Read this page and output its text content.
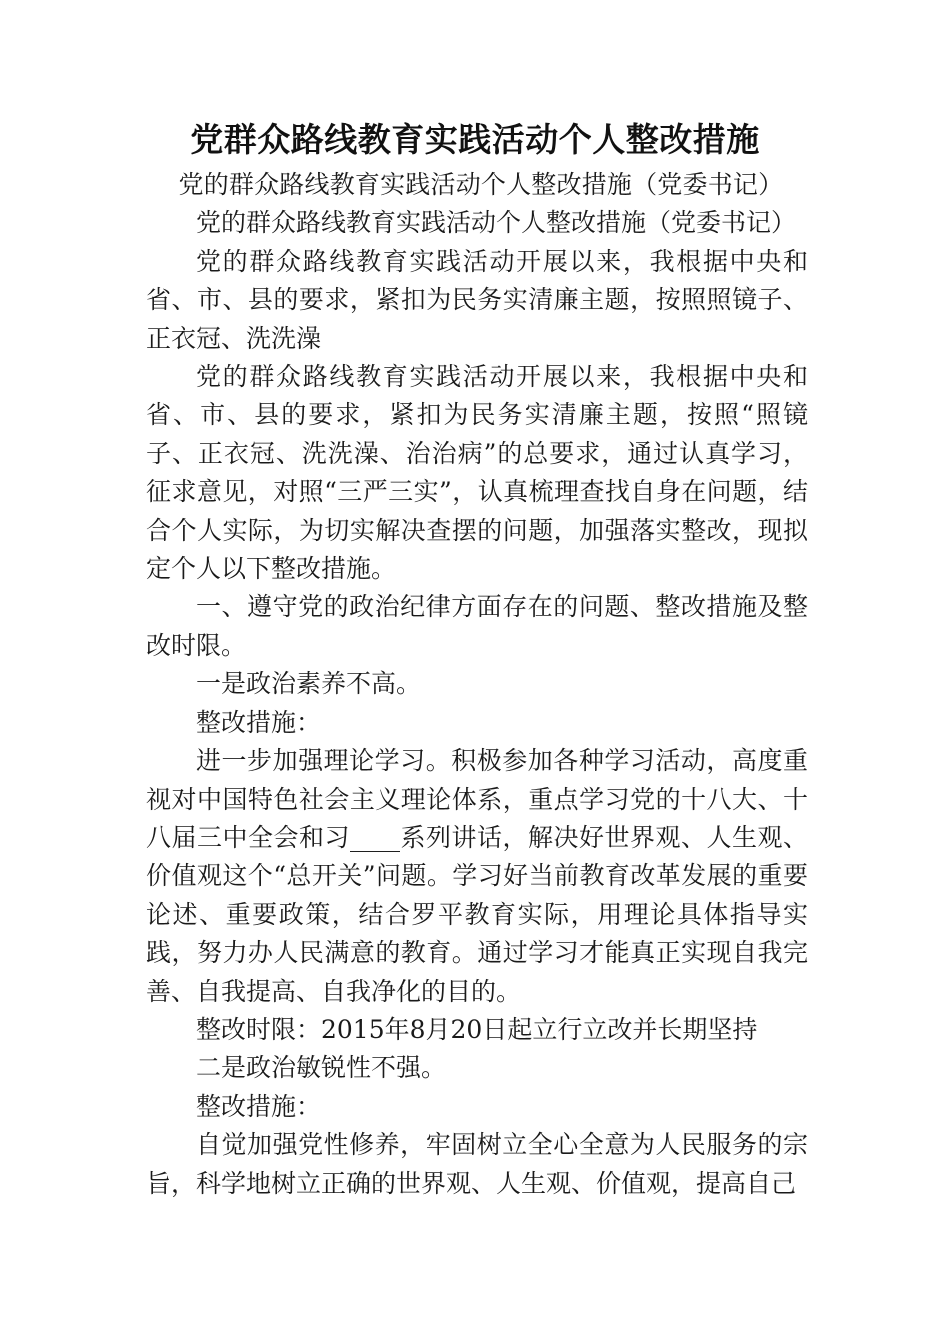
党群众路线教育实践活动个人整改措施

党的群众路线教育实践活动个人整改措施（党委书记）

党的群众路线教育实践活动个人整改措施（党委书记）

党的群众路线教育实践活动开展以来，我根据中央和省、市、县的要求，紧扣为民务实清廉主题，按照照镜子、正衣冠、洗洗澡

党的群众路线教育实践活动开展以来，我根据中央和省、市、县的要求，紧扣为民务实清廉主题，按照“照镜子、正衣冠、洗洗澡、治治病”的总要求，通过认真学习，征求意见，对照“三严三实”，认真梳理查找自身在问题，结合个人实际，为切实解决查摆的问题，加强落实整改，现拟定个人以下整改措施。

一、遵守党的政治纪律方面存在的问题、整改措施及整改时限。

一是政治素养不高。

整改措施：

进一步加强理论学习。积极参加各种学习活动，高度重视对中国特色社会主义理论体系，重点学习党的十八大、十八届三中全会和习____系列讲话，解决好世界观、人生观、价值观这个“总开关”问题。学习好当前教育改革发展的重要论述、重要政策，结合罗平教育实际，用理论具体指导实践，努力办人民满意的教育。通过学习才能真正实现自我完善、自我提高、自我净化的目的。

整改时限：2015年8月20日起立行立改并长期坚持

二是政治敏锐性不强。

整改措施：

自觉加强党性修养，牢固树立全心全意为人民服务的宗旨，科学地树立正确的世界观、人生观、价值观，提高自己
